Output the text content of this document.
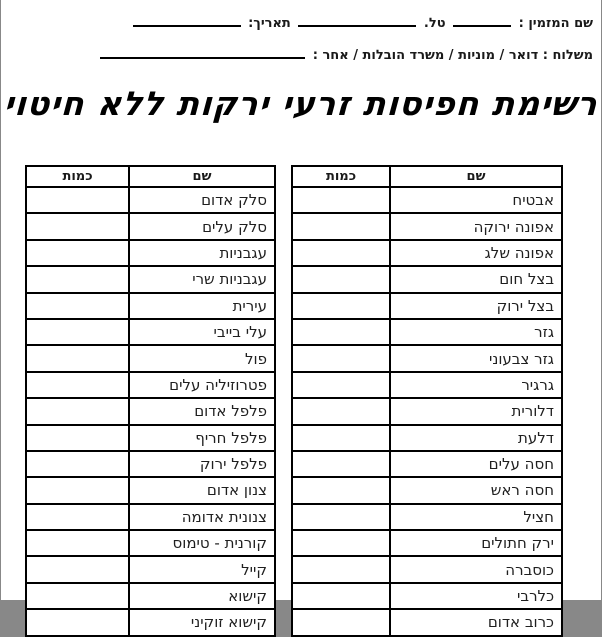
שם המזמין :  טל.  תאריך:
משלוח : דואר / מוניות / משרד הובלות / אחר :
רשימת חפיסות זרעי ירקות ללא חיטוי
שם	כמות
אבטיח	
אפונה ירוקה	
אפונה שלג	
בצל חום	
בצל ירוק	
גזר	
גזר צבעוני	
גרגיר	
דלורית	
דלעת	
חסה עלים	
חסה ראש	
חציל	
ירק חתולים	
כוסברה	
כלרבי	
כרוב אדום	
שם	כמות
סלק אדום	
סלק עלים	
עגבניות	
עגבניות שרי	
עירית	
עלי בייבי	
פול	
פטרוזיליה עלים	
פלפל אדום	
פלפל חריף	
פלפל ירוק	
צנון אדום	
צנונית אדומה	
קורנית - טימוס	
קייל	
קישוא	
קישוא זוקיני	
